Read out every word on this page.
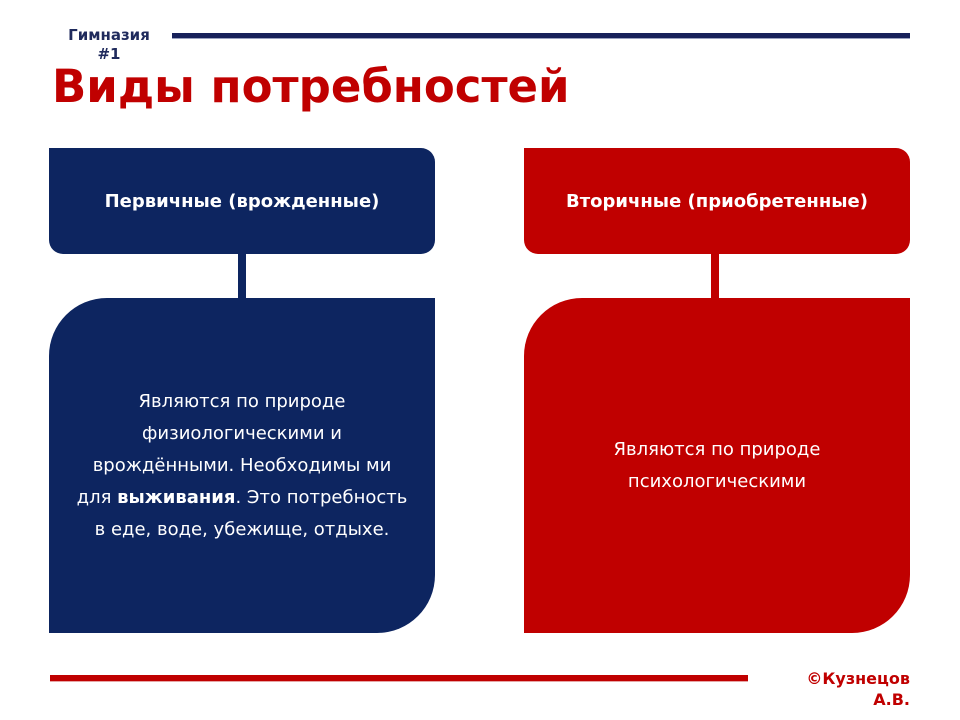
Гимназия
#1
Виды потребностей
Первичные (врожденные)
Являются по природе физиологическими и врождёнными. Необходимы ми для выживания. Это потребность в еде, воде, убежище, отдыхе.
Вторичные (приобретенные)
Являются по природе психологическими
©Кузнецов
А.В.
